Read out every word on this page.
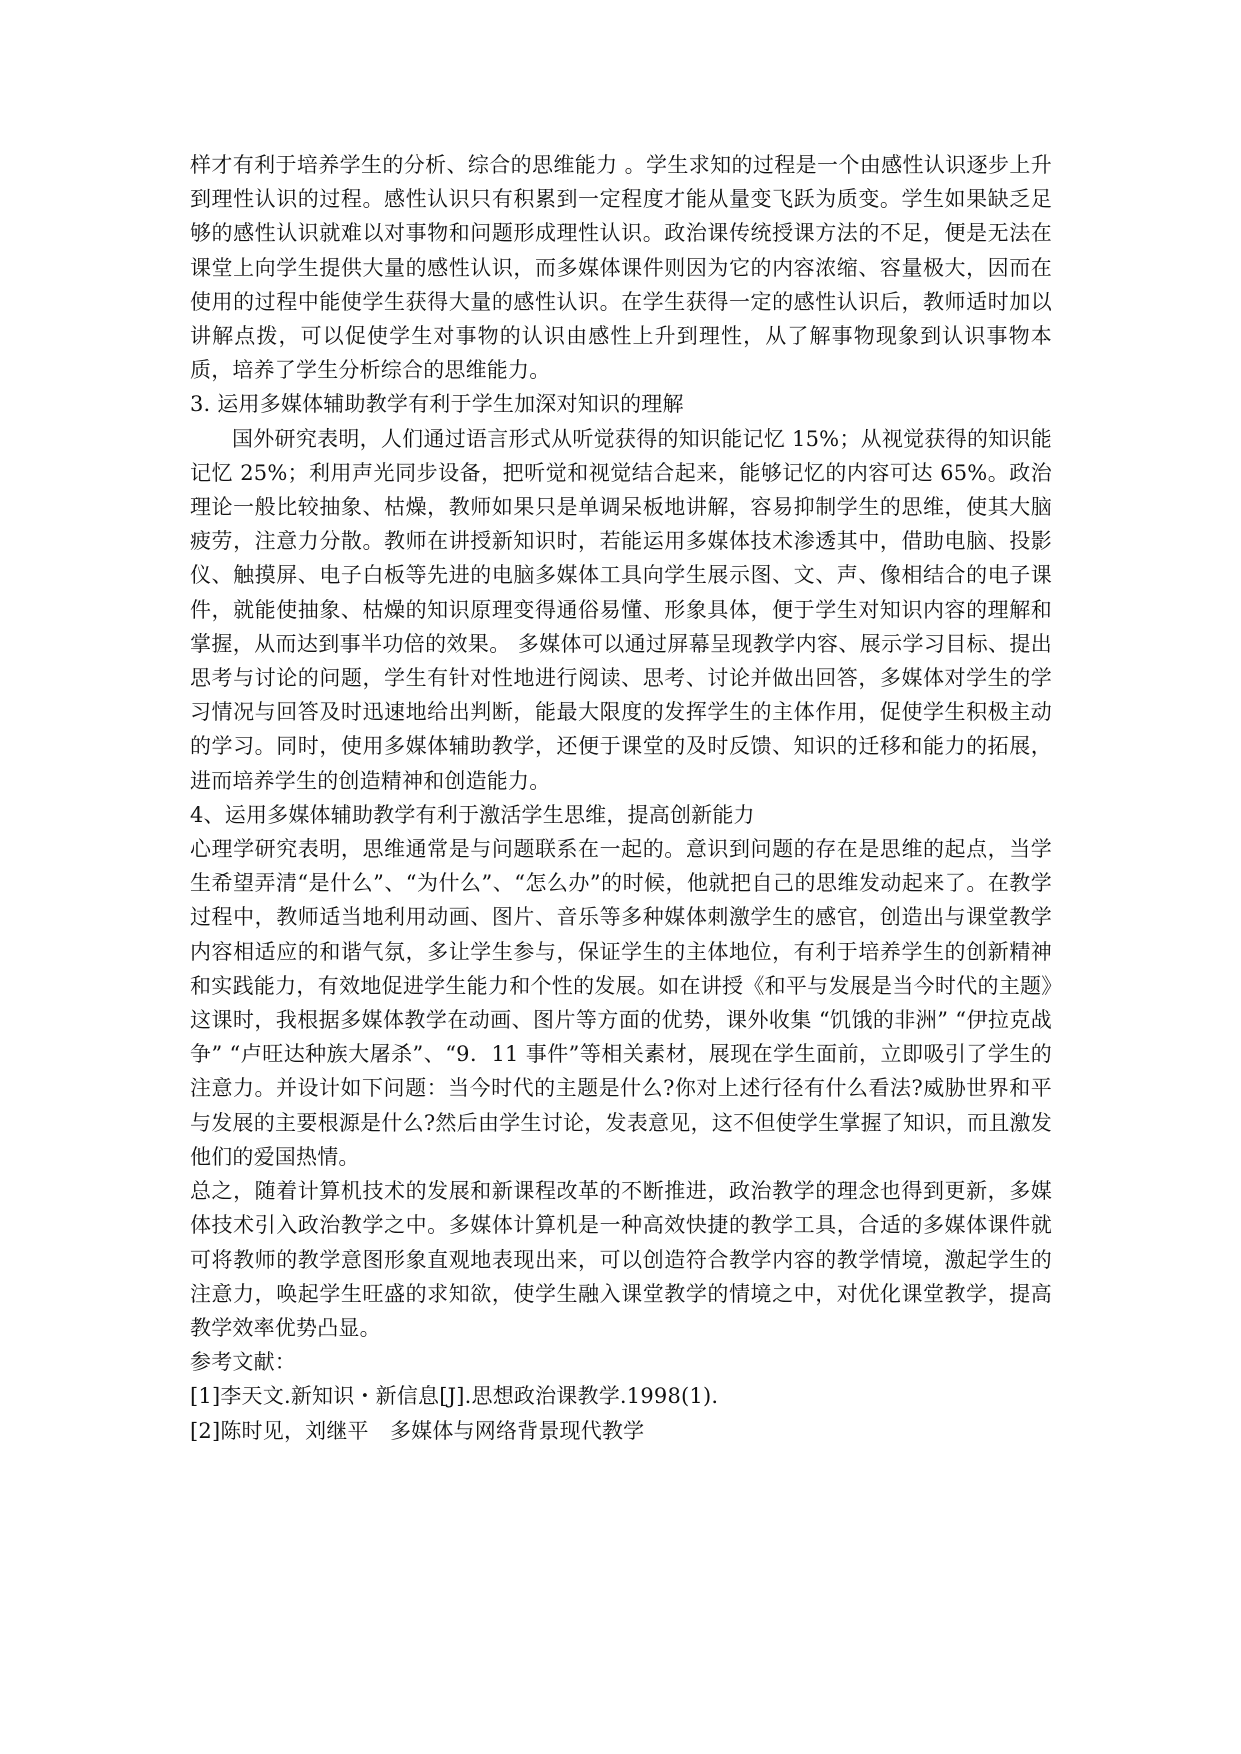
样才有利于培养学生的分析、综合的思维能力 。学生求知的过程是一个由感性认识逐步上升到理性认识的过程。感性认识只有积累到一定程度才能从量变飞跃为质变。学生如果缺乏足够的感性认识就难以对事物和问题形成理性认识。政治课传统授课方法的不足，便是无法在课堂上向学生提供大量的感性认识，而多媒体课件则因为它的内容浓缩、容量极大，因而在使用的过程中能使学生获得大量的感性认识。在学生获得一定的感性认识后，教师适时加以讲解点拨，可以促使学生对事物的认识由感性上升到理性，从了解事物现象到认识事物本质，培养了学生分析综合的思维能力。

3. 运用多媒体辅助教学有利于学生加深对知识的理解

国外研究表明，人们通过语言形式从听觉获得的知识能记忆 15%；从视觉获得的知识能记忆 25%；利用声光同步设备，把听觉和视觉结合起来，能够记忆的内容可达 65%。政治理论一般比较抽象、枯燥，教师如果只是单调呆板地讲解，容易抑制学生的思维，使其大脑疲劳，注意力分散。教师在讲授新知识时，若能运用多媒体技术渗透其中，借助电脑、投影仪、触摸屏、电子白板等先进的电脑多媒体工具向学生展示图、文、声、像相结合的电子课件，就能使抽象、枯燥的知识原理变得通俗易懂、形象具体，便于学生对知识内容的理解和掌握，从而达到事半功倍的效果。 多媒体可以通过屏幕呈现教学内容、展示学习目标、提出思考与讨论的问题，学生有针对性地进行阅读、思考、讨论并做出回答，多媒体对学生的学习情况与回答及时迅速地给出判断，能最大限度的发挥学生的主体作用，促使学生积极主动的学习。同时，使用多媒体辅助教学，还便于课堂的及时反馈、知识的迁移和能力的拓展，进而培养学生的创造精神和创造能力。

4、运用多媒体辅助教学有利于激活学生思维，提高创新能力

心理学研究表明，思维通常是与问题联系在一起的。意识到问题的存在是思维的起点，当学生希望弄清“是什么”、“为什么”、“怎么办”的时候，他就把自己的思维发动起来了。在教学过程中，教师适当地利用动画、图片、音乐等多种媒体刺激学生的感官，创造出与课堂教学内容相适应的和谐气氛，多让学生参与，保证学生的主体地位，有利于培养学生的创新精神和实践能力，有效地促进学生能力和个性的发展。如在讲授《和平与发展是当今时代的主题》这课时，我根据多媒体教学在动画、图片等方面的优势，课外收集 “饥饿的非洲” “伊拉克战争” “卢旺达种族大屠杀”、“9．11 事件”等相关素材，展现在学生面前，立即吸引了学生的注意力。并设计如下问题：当今时代的主题是什么?你对上述行径有什么看法?威胁世界和平与发展的主要根源是什么?然后由学生讨论，发表意见，这不但使学生掌握了知识，而且激发他们的爱国热情。

总之，随着计算机技术的发展和新课程改革的不断推进，政治教学的理念也得到更新，多媒体技术引入政治教学之中。多媒体计算机是一种高效快捷的教学工具，合适的多媒体课件就可将教师的教学意图形象直观地表现出来，可以创造符合教学内容的教学情境，激起学生的注意力，唤起学生旺盛的求知欲，使学生融入课堂教学的情境之中，对优化课堂教学，提高教学效率优势凸显。

参考文献：

[1]李天文.新知识・新信息[J].思想政治课教学.1998(1).

[2]陈时见，刘继平　多媒体与网络背景现代教学
